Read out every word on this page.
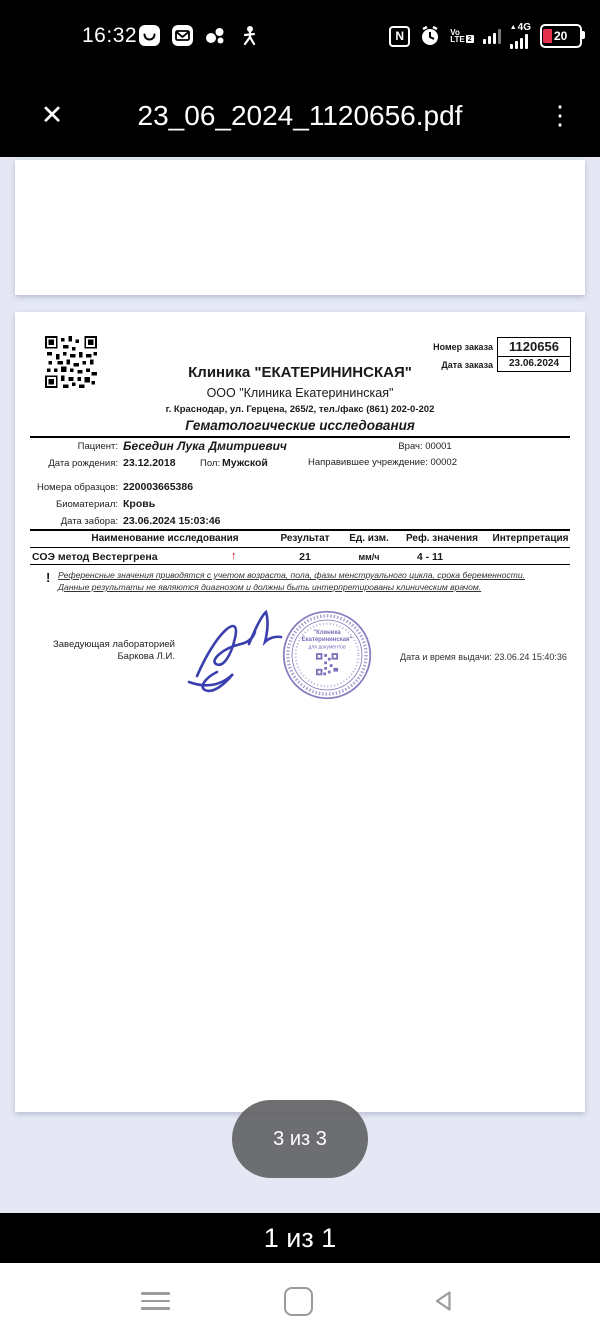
16:32	N	Vo
LTE 2
▲ 4G
20
✕	23_06_2024_1120656.pdf	⋮
Номер заказа	1120656
Дата заказа	23.06.2024
Клиника "ЕКАТЕРИНИНСКАЯ"
ООО "Клиника Екатерининская"
г. Краснодар, ул. Герцена, 265/2, тел./факс (861) 202-0-202
Гематологические исследования
Пациент: Беседин Лука Дмитриевич	Врач: 00001
Дата рождения: 23.12.2018	Пол: Мужской	Направившее учреждение: 00002
Номера образцов: 220003665386
Биоматериал: Кровь
Дата забора: 23.06.2024 15:03:46
Наименование исследования	Результат	Ед. изм.	Реф. значения	Интерпретация
СОЭ метод Вестергрена	↑	21	мм/ч	4 - 11
! Референсные значения приводятся с учетом возраста, пола, фазы менструального цикла, срока беременности.
Данные результаты не являются диагнозом и должны быть интерпретированы клиническим врачом.
Заведующая лабораторией
Баркова Л.И.
"Клиника
Екатерининская"
для документов
Дата и время выдачи: 23.06.24 15:40:36
3 из 3
1 из 1
